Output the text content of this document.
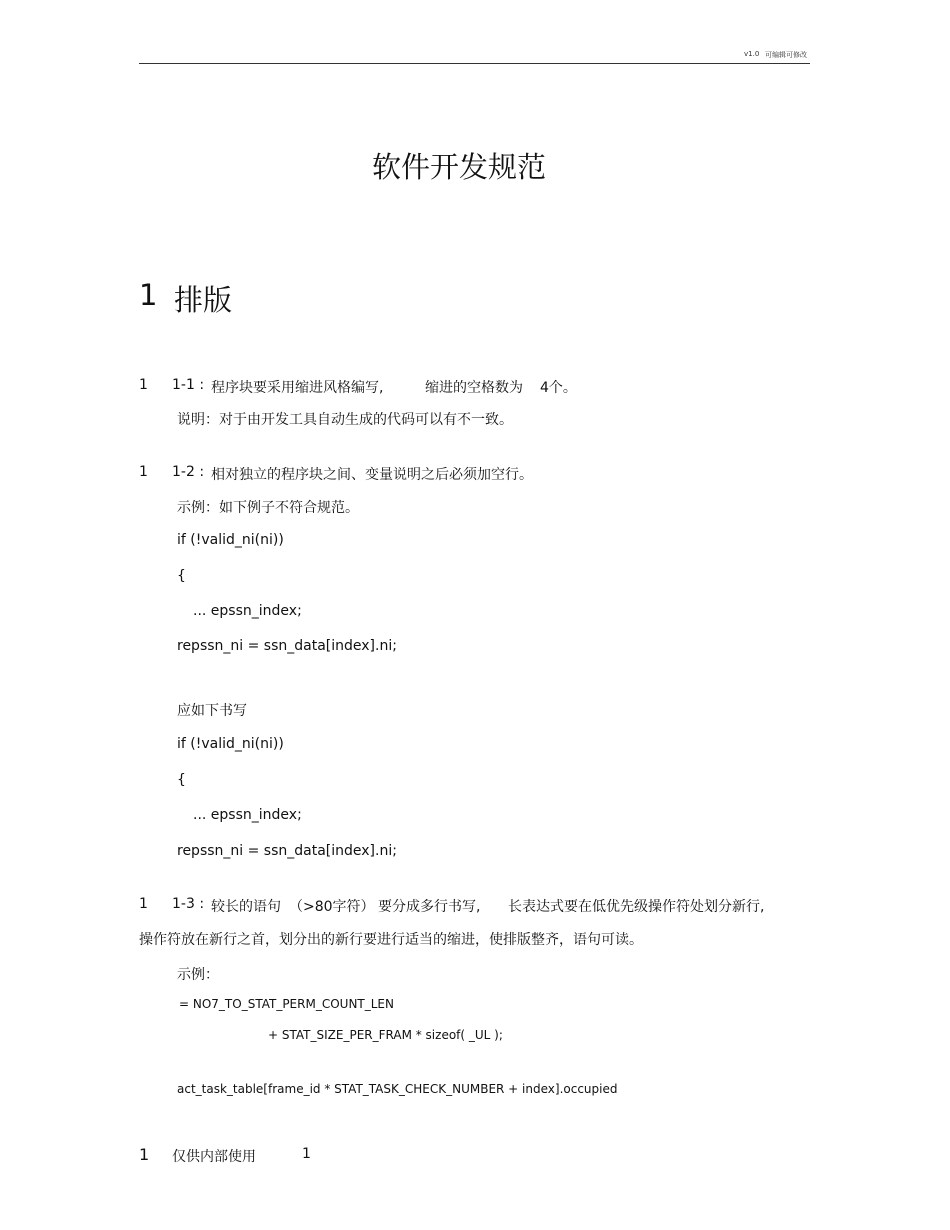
v1.0 可编辑可修改
软件开发规范
1 排版
1 1-1 : 程序块要采用缩进风格编写,	缩进的空格数为 4个。
说明：对于由开发工具自动生成的代码可以有不一致。
1 1-2 : 相对独立的程序块之间、变量说明之后必须加空行。
示例：如下例子不符合规范。
if (!valid_ni(ni))
{
... epssn_index;
repssn_ni = ssn_data[index].ni;
应如下书写
if (!valid_ni(ni))
{
... epssn_index;
repssn_ni = ssn_data[index].ni;
1 1-3 : 较长的语句 （>80字符） 要分成多行书写, 长表达式要在低优先级操作符处划分新行,
操作符放在新行之首，划分出的新行要进行适当的缩进，使排版整齐，语句可读。
示例：
= NO7_TO_STAT_PERM_COUNT_LEN
+ STAT_SIZE_PER_FRAM * sizeof( _UL );
act_task_table[frame_id * STAT_TASK_CHECK_NUMBER + index].occupied
1 仅供内部使用	1
